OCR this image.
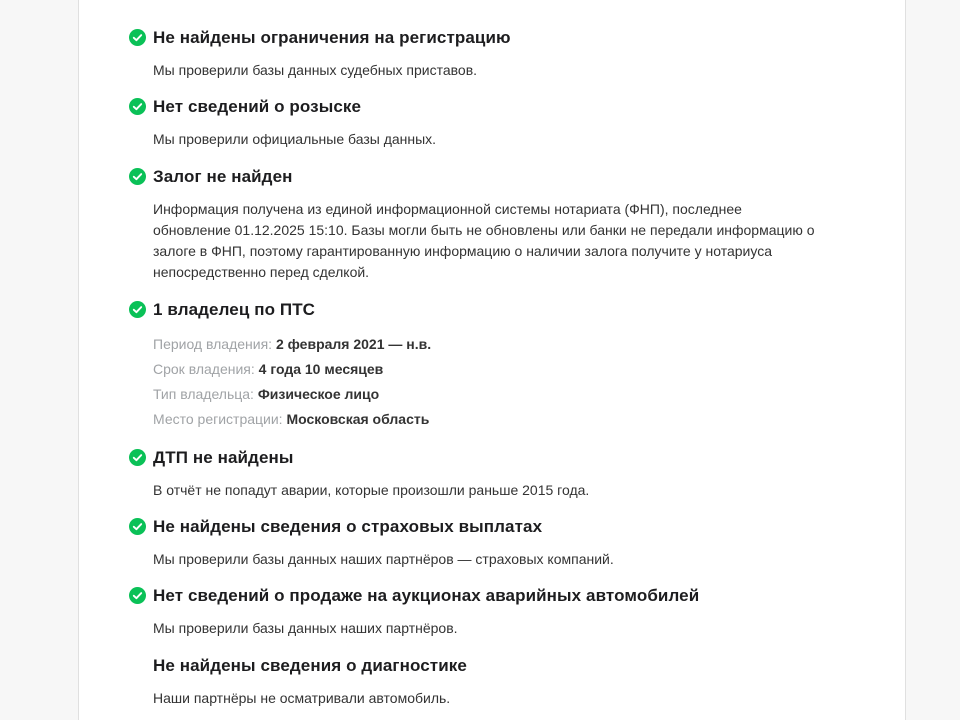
Не найдены ограничения на регистрацию
Мы проверили базы данных судебных приставов.
Нет сведений о розыске
Мы проверили официальные базы данных.
Залог не найден
Информация получена из единой информационной системы нотариата (ФНП), последнее обновление 01.12.2025 15:10. Базы могли быть не обновлены или банки не передали информацию о залоге в ФНП, поэтому гарантированную информацию о наличии залога получите у нотариуса непосредственно перед сделкой.
1 владелец по ПТС
Период владения: 2 февраля 2021 — н.в.
Срок владения: 4 года 10 месяцев
Тип владельца: Физическое лицо
Место регистрации: Московская область
ДТП не найдены
В отчёт не попадут аварии, которые произошли раньше 2015 года.
Не найдены сведения о страховых выплатах
Мы проверили базы данных наших партнёров — страховых компаний.
Нет сведений о продаже на аукционах аварийных автомобилей
Мы проверили базы данных наших партнёров.
Не найдены сведения о диагностике
Наши партнёры не осматривали автомобиль.
